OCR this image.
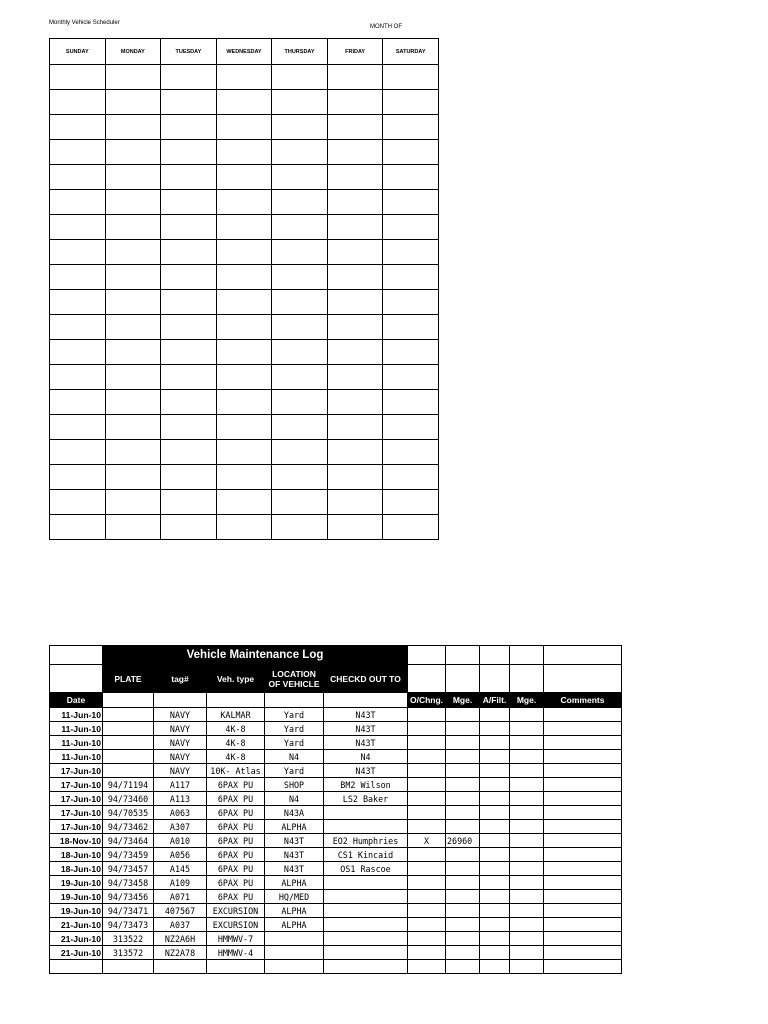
Monthly Vehicle Scheduler
MONTH OF
SUNDAY	MONDAY	TUESDAY	WEDNESDAY	THURSDAY	FRIDAY	SATURDAY

	Vehicle Maintenance Log									
	PLATE	tag#	Veh. type	LOCATION OF VEHICLE	CHECKD OUT TO					
Date						O/Chng.	Mge.	A/Filt.	Mge.	Comments
11-Jun-10		NAVY	KALMAR	Yard	N43T					
11-Jun-10		NAVY	4K-8	Yard	N43T					
11-Jun-10		NAVY	4K-8	Yard	N43T					
11-Jun-10		NAVY	4K-8	N4	N4					
17-Jun-10		NAVY	10K- Atlas	Yard	N43T					
17-Jun-10	94/71194	A117	6PAX PU	SHOP	BM2 Wilson					
17-Jun-10	94/73460	A113	6PAX PU	N4	LS2 Baker					
17-Jun-10	94/70535	A063	6PAX PU	N43A						
17-Jun-10	94/73462	A307	6PAX PU	ALPHA						
18-Nov-10	94/73464	A010	6PAX PU	N43T	EO2 Humphries	X	26960			
18-Jun-10	94/73459	A056	6PAX PU	N43T	CS1 Kincaid					
18-Jun-10	94/73457	A145	6PAX PU	N43T	OS1 Rascoe					
19-Jun-10	94/73458	A109	6PAX PU	ALPHA						
19-Jun-10	94/73456	A071	6PAX PU	HQ/MED						
19-Jun-10	94/73471	407567	EXCURSION	ALPHA						
21-Jun-10	94/73473	A037	EXCURSION	ALPHA						
21-Jun-10	313522	NZ2A6H	HMMWV-7							
21-Jun-10	313572	NZ2A78	HMMWV-4							
